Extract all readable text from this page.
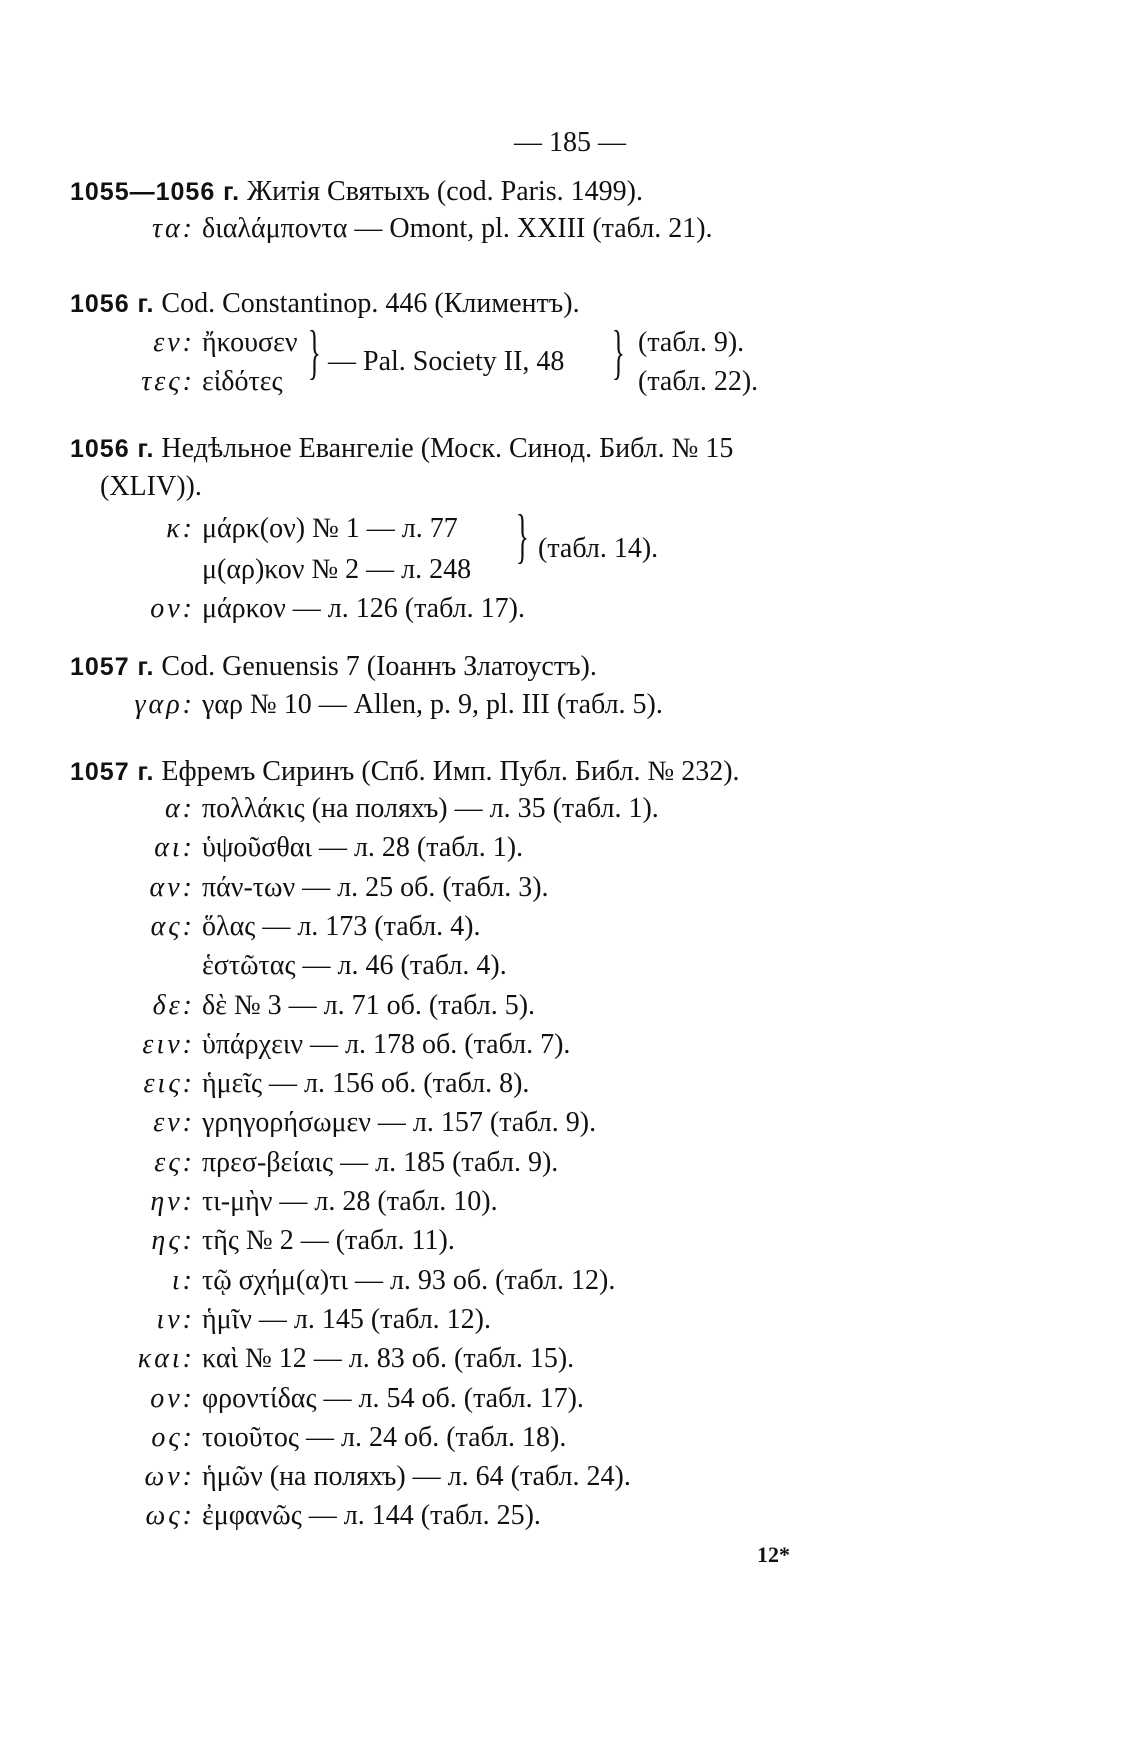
— 185 —
1055—1056 г. Житія Святыхъ (cod. Paris. 1499).
τα: διαλάμποντα — Omont, pl. XXIII (табл. 21).
1056 г. Cod. Constantinop. 446 (Климентъ).
εν: ἤκουσεν
τες: εἰδότες } — Pal. Society II, 48 } (табл. 9).
(табл. 22).
1056 г. Недѣльное Евангеліе (Моск. Синод. Библ. № 15
(XLIV)).
κ: μάρκ(ον) № 1 — л. 77
μ(αρ)κον № 2 — л. 248
} (табл. 14).
ον: μάρκον — л. 126 (табл. 17).
1057 г. Cod. Genuensis 7 (Іоаннъ Златоустъ).
γαρ: γαρ № 10 — Allen, p. 9, pl. III (табл. 5).
1057 г. Ефремъ Сиринъ (Спб. Имп. Публ. Библ. № 232).
α: πολλάκις (на поляхъ) — л. 35 (табл. 1).
αι: ὑψοῦσθαι — л. 28 (табл. 1).
αν: πάν-των — л. 25 об. (табл. 3).
ας: ὅλας — л. 173 (табл. 4).
ἑστῶτας — л. 46 (табл. 4).
δε: δὲ № 3 — л. 71 об. (табл. 5).
ειν: ὑπάρχειν — л. 178 об. (табл. 7).
εις: ἡμεῖς — л. 156 об. (табл. 8).
εν: γρηγορήσωμεν — л. 157 (табл. 9).
ες: πρεσ-βείαις — л. 185 (табл. 9).
ην: τι-μὴν — л. 28 (табл. 10).
ης: τῆς № 2 — (табл. 11).
ι: τῷ σχήμ(α)τι — л. 93 об. (табл. 12).
ιν: ἡμῖν — л. 145 (табл. 12).
και: καὶ № 12 — л. 83 об. (табл. 15).
ον: φροντίδας — л. 54 об. (табл. 17).
ος: τοιοῦτος — л. 24 об. (табл. 18).
ων: ἡμῶν (на поляхъ) — л. 64 (табл. 24).
ως: ἐμφανῶς — л. 144 (табл. 25).
12*
